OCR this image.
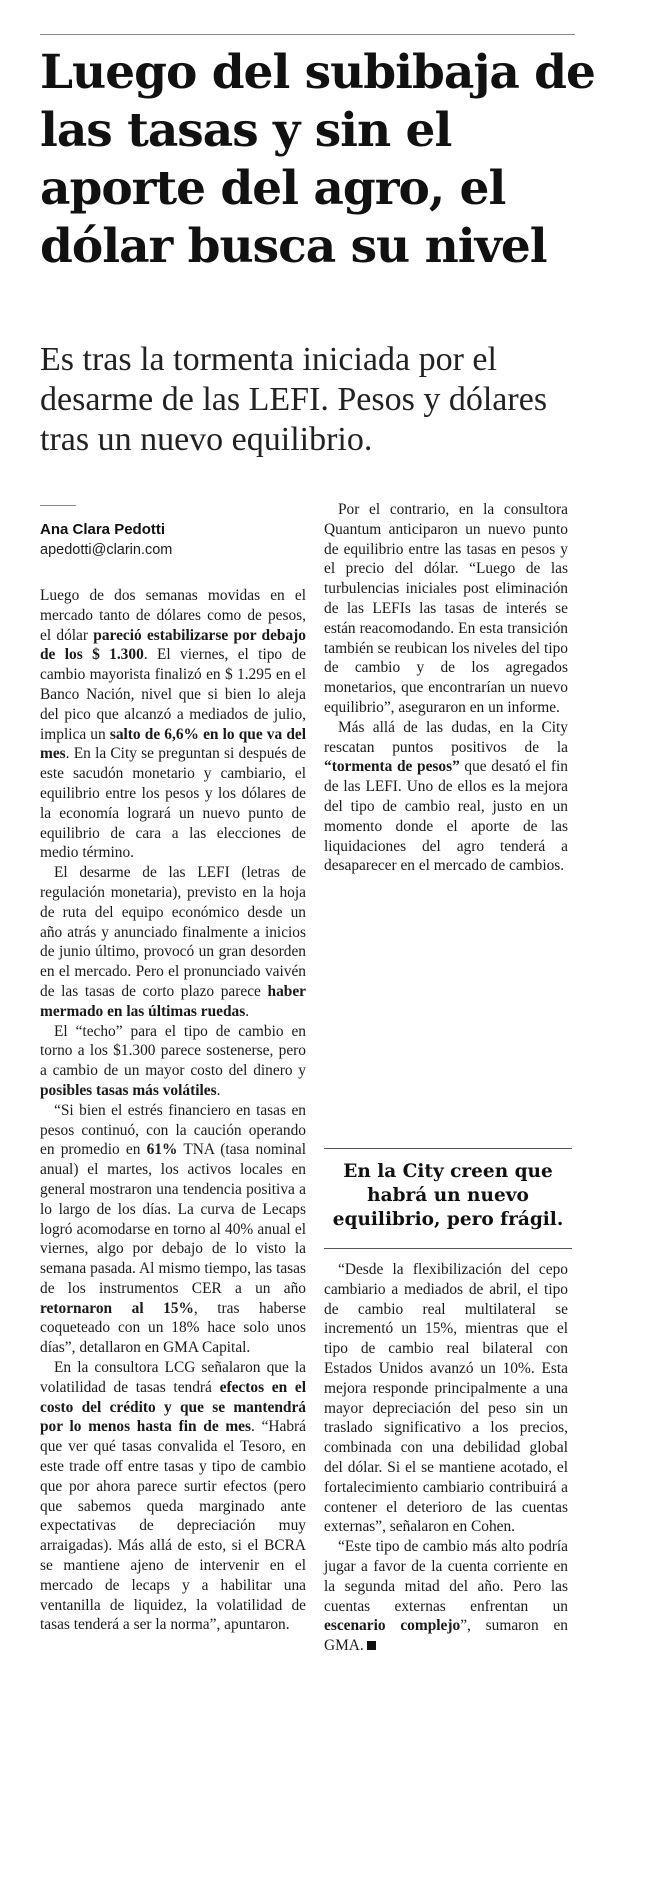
Luego del subibaja de las tasas y sin el aporte del agro, el dólar busca su nivel
Es tras la tormenta iniciada por el desarme de las LEFI. Pesos y dólares tras un nuevo equilibrio.
Ana Clara Pedotti
apedotti@clarin.com

Luego de dos semanas movidas en el mercado tanto de dólares como de pesos, el dólar pareció estabilizarse por debajo de los $ 1.300. El viernes, el tipo de cambio mayorista finalizó en $ 1.295 en el Banco Nación, nivel que si bien lo aleja del pico que alcanzó a mediados de julio, implica un salto de 6,6% en lo que va del mes. En la City se preguntan si después de este sacudón monetario y cambiario, el equilibrio entre los pesos y los dólares de la economía logrará un nuevo punto de equilibrio de cara a las elecciones de medio término.

El desarme de las LEFI (letras de regulación monetaria), previsto en la hoja de ruta del equipo económico desde un año atrás y anunciado finalmente a inicios de junio último, provocó un gran desorden en el mercado. Pero el pronunciado vaivén de las tasas de corto plazo parece haber mermado en las últimas ruedas.

El “techo” para el tipo de cambio en torno a los $1.300 parece sostenerse, pero a cambio de un mayor costo del dinero y posibles tasas más volátiles.

“Si bien el estrés financiero en tasas en pesos continuó, con la caución operando en promedio en 61% TNA (tasa nominal anual) el martes, los activos locales en general mostraron una tendencia positiva a lo largo de los días. La curva de Lecaps logró acomodarse en torno al 40% anual el viernes, algo por debajo de lo visto la semana pasada. Al mismo tiempo, las tasas de los instrumentos CER a un año retornaron al 15%, tras haberse coqueteado con un 18% hace solo unos días”, detallaron en GMA Capital.

En la consultora LCG señalaron que la volatilidad de tasas tendrá efectos en el costo del crédito y que se mantendrá por lo menos hasta fin de mes. “Habrá que ver qué tasas convalida el Tesoro, en este trade off entre tasas y tipo de cambio que por ahora parece surtir efectos (pero que sabemos queda marginado ante expectativas de depreciación muy arraigadas). Más allá de esto, si el BCRA se mantiene ajeno de intervenir en el mercado de lecaps y a habilitar una ventanilla de liquidez, la volatilidad de tasas tenderá a ser la norma”, apuntaron.

Por el contrario, en la consultora Quantum anticiparon un nuevo punto de equilibrio entre las tasas en pesos y el precio del dólar. “Luego de las turbulencias iniciales post eliminación de las LEFIs las tasas de interés se están reacomodando. En esta transición también se reubican los niveles del tipo de cambio y de los agregados monetarios, que encontrarían un nuevo equilibrio”, aseguraron en un informe.

Más allá de las dudas, en la City rescatan puntos positivos de la “tormenta de pesos” que desató el fin de las LEFI. Uno de ellos es la mejora del tipo de cambio real, justo en un momento donde el aporte de las liquidaciones del agro tenderá a desaparecer en el mercado de cambios.

En la City creen que habrá un nuevo equilibrio, pero frágil.

“Desde la flexibilización del cepo cambiario a mediados de abril, el tipo de cambio real multilateral se incrementó un 15%, mientras que el tipo de cambio real bilateral con Estados Unidos avanzó un 10%. Esta mejora responde principalmente a una mayor depreciación del peso sin un traslado significativo a los precios, combinada con una debilidad global del dólar. Si el se mantiene acotado, el fortalecimiento cambiario contribuirá a contener el deterioro de las cuentas externas”, señalaron en Cohen.

“Este tipo de cambio más alto podría jugar a favor de la cuenta corriente en la segunda mitad del año. Pero las cuentas externas enfrentan un escenario complejo”, sumaron en GMA.
